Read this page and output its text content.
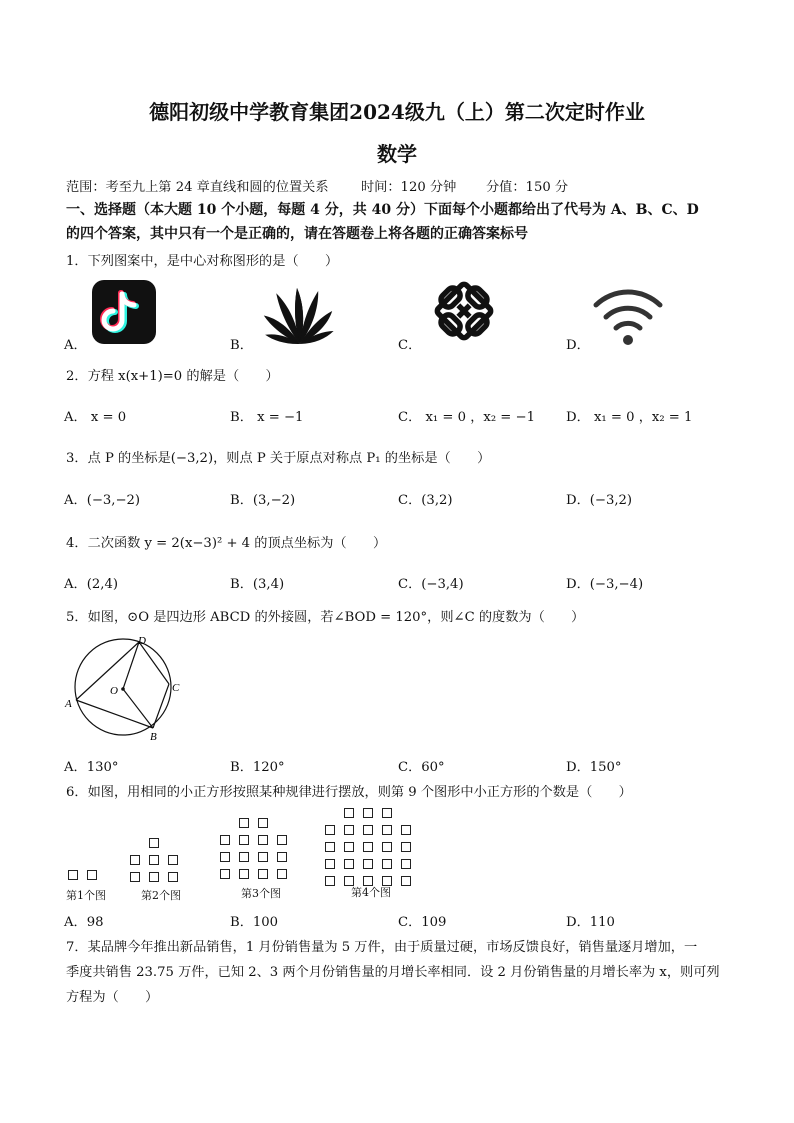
德阳初级中学教育集团2024级九（上）第二次定时作业
数学
范围：考至九上第 24 章直线和圆的位置关系 时间：120 分钟 分值：150 分
一、选择题（本大题 10 个小题，每题 4 分，共 40 分）下面每个小题都给出了代号为 A、B、C、D
的四个答案，其中只有一个是正确的，请在答题卷上将各题的正确答案标号
1．下列图案中，是中心对称图形的是（　　）
A．	B．	C．	D．
2．方程 x(x+1)=0 的解是（　　）
A． x = 0	B． x = −1	C． x₁ = 0 ，x₂ = −1 D． x₁ = 0 ，x₂ = 1
3．点 P 的坐标是(−3,2)，则点 P 关于原点对称点 P₁ 的坐标是（　　）
A．(−3,−2)	B．(3,−2)	C．(3,2)	D．(−3,2)
4．二次函数 y = 2(x−3)² + 4 的顶点坐标为（　　）
A．(2,4)	B．(3,4)	C．(−3,4)	D．(−3,−4)
5．如图，⊙O 是四边形 ABCD 的外接圆，若∠BOD = 120°，则∠C 的度数为（　　）
D
C
B
A
O
A．130°	B．120°	C．60°	D．150°
6．如图，用相同的小正方形按照某种规律进行摆放，则第 9 个图形中小正方形的个数是（　　）
第1个图	第2个图	第3个图	第4个图
A．98	B．100	C．109	D．110
7．某品牌今年推出新品销售，1 月份销售量为 5 万件，由于质量过硬，市场反馈良好，销售量逐月增加，一
季度共销售 23.75 万件，已知 2、3 两个月份销售量的月增长率相同．设 2 月份销售量的月增长率为 x，则可列
方程为（　　）
